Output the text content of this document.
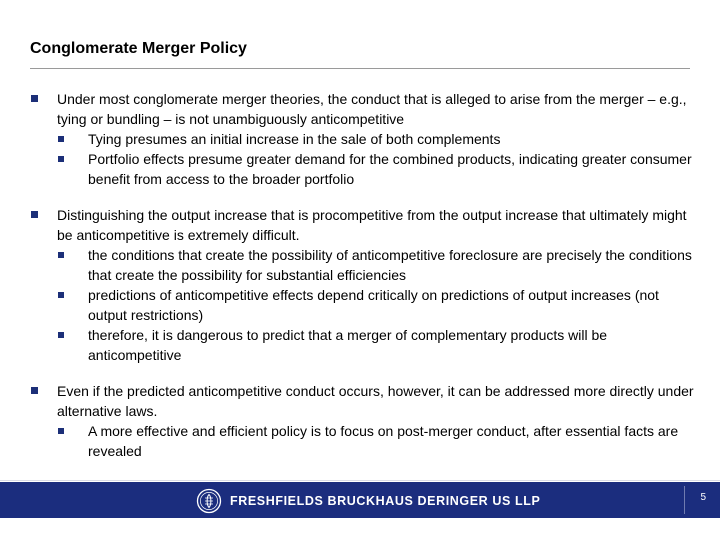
Conglomerate Merger Policy
Under most conglomerate merger theories, the conduct that is alleged to arise from the merger – e.g., tying or bundling – is not unambiguously anticompetitive
Tying presumes an initial increase in the sale of both complements
Portfolio effects presume greater demand for the combined products, indicating greater consumer benefit from access to the broader portfolio
Distinguishing the output increase that is procompetitive from the output increase that ultimately might be anticompetitive is extremely difficult.
the conditions that create the possibility of anticompetitive foreclosure are precisely the conditions that create the possibility for substantial efficiencies
predictions of anticompetitive effects depend critically on predictions of output increases (not output restrictions)
therefore, it is dangerous to predict that a merger of complementary products will be anticompetitive
Even if the predicted anticompetitive conduct occurs, however, it can be addressed more directly under alternative laws.
A more effective and efficient policy is to focus on post-merger conduct, after essential facts are revealed
FRESHFIELDS BRUCKHAUS DERINGER US LLP	5
